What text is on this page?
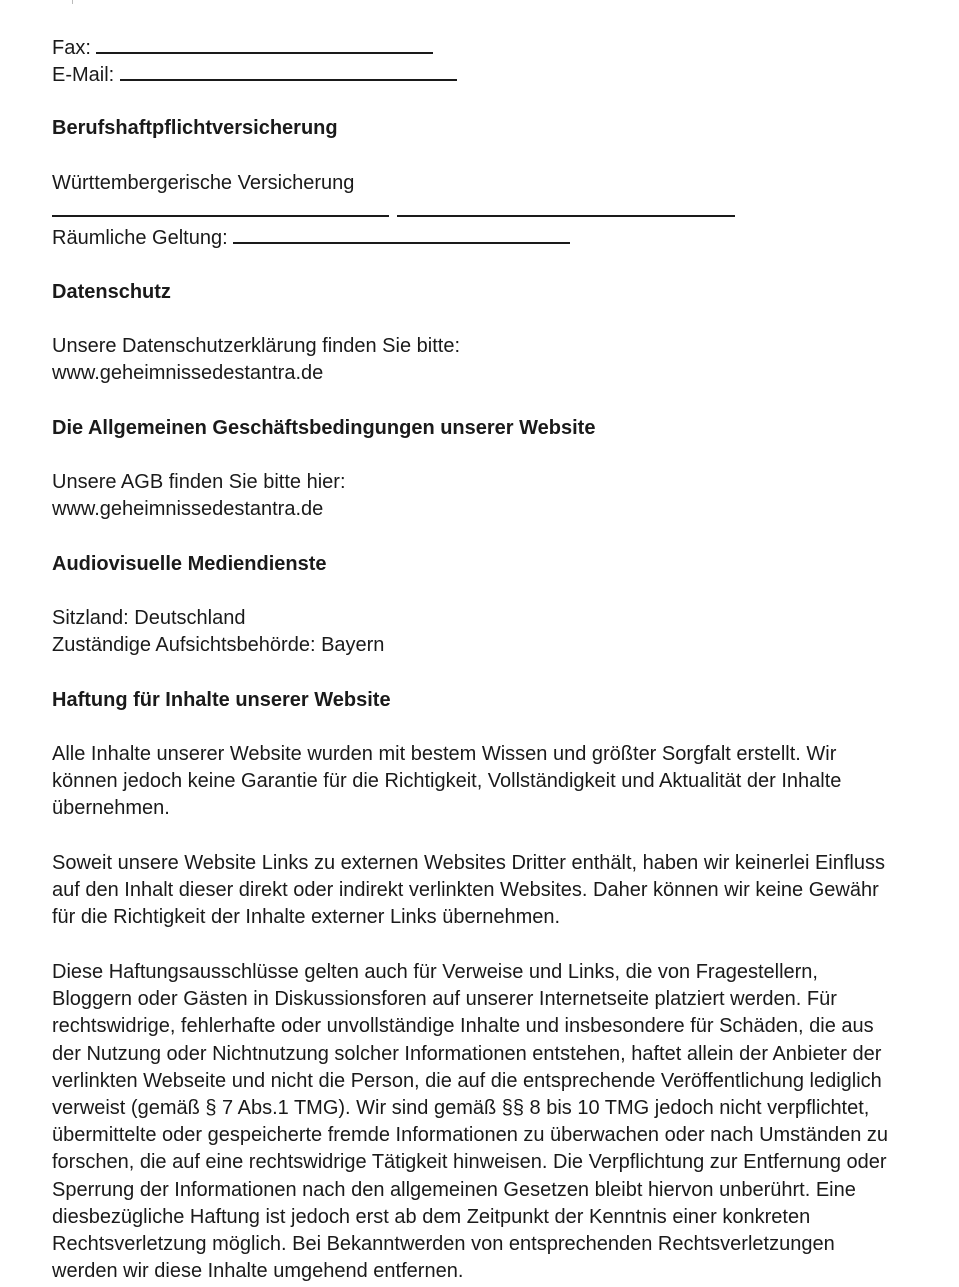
Fax:
E-Mail:
Berufshaftpflichtversicherung
Württembergerische Versicherung

Räumliche Geltung:
Datenschutz
Unsere Datenschutzerklärung finden Sie bitte:
www.geheimnissedestantra.de
Die Allgemeinen Geschäftsbedingungen unserer Website
Unsere AGB finden Sie bitte hier:
www.geheimnissedestantra.de
Audiovisuelle Mediendienste
Sitzland: Deutschland
Zuständige Aufsichtsbehörde: Bayern
Haftung für Inhalte unserer Website
Alle Inhalte unserer Website wurden mit bestem Wissen und größter Sorgfalt erstellt. Wir
können jedoch keine Garantie für die Richtigkeit, Vollständigkeit und Aktualität der Inhalte
übernehmen.
Soweit unsere Website Links zu externen Websites Dritter enthält, haben wir keinerlei Einfluss
auf den Inhalt dieser direkt oder indirekt verlinkten Websites. Daher können wir keine Gewähr
für die Richtigkeit der Inhalte externer Links übernehmen.
Diese Haftungsausschlüsse gelten auch für Verweise und Links, die von Fragestellern,
Bloggern oder Gästen in Diskussionsforen auf unserer Internetseite platziert werden. Für
rechtswidrige, fehlerhafte oder unvollständige Inhalte und insbesondere für Schäden, die aus
der Nutzung oder Nichtnutzung solcher Informationen entstehen, haftet allein der Anbieter der
verlinkten Webseite und nicht die Person, die auf die entsprechende Veröffentlichung lediglich
verweist (gemäß § 7 Abs.1 TMG). Wir sind gemäß §§ 8 bis 10 TMG jedoch nicht verpflichtet,
übermittelte oder gespeicherte fremde Informationen zu überwachen oder nach Umständen zu
forschen, die auf eine rechtswidrige Tätigkeit hinweisen. Die Verpflichtung zur Entfernung oder
Sperrung der Informationen nach den allgemeinen Gesetzen bleibt hiervon unberührt. Eine
diesbezügliche Haftung ist jedoch erst ab dem Zeitpunkt der Kenntnis einer konkreten
Rechtsverletzung möglich. Bei Bekanntwerden von entsprechenden Rechtsverletzungen
werden wir diese Inhalte umgehend entfernen.
